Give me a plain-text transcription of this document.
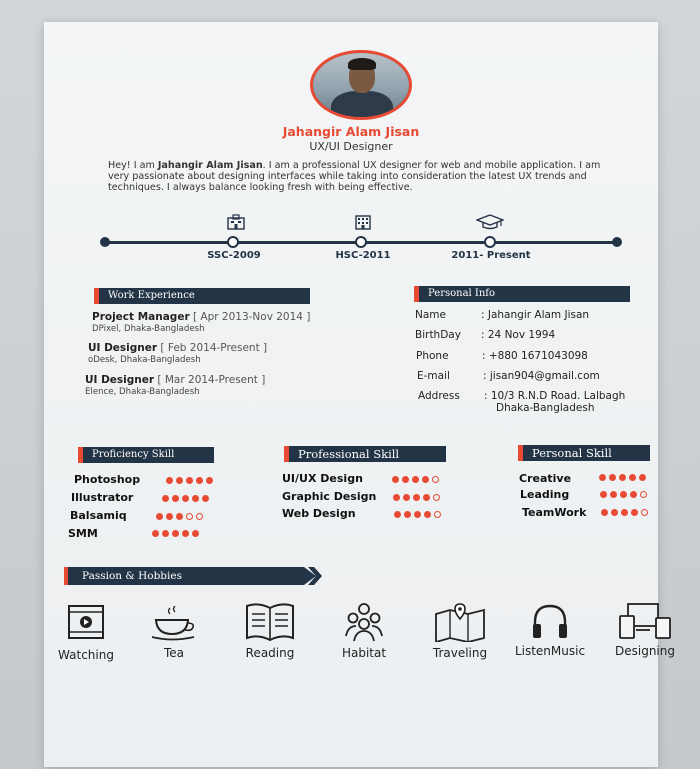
Jahangir Alam Jisan
UX/UI Designer
Hey! I am Jahangir Alam Jisan. I am a professional UX designer for web and mobile application. I am very passionate about designing interfaces while taking into consideration the latest UX trends and techniques. I always balance looking fresh with being effective.
SSC-2009	HSC-2011	2011- Present
Work Experience
Project Manager [ Apr 2013-Nov 2014 ]
DPixel, Dhaka-Bangladesh
UI Designer [ Feb 2014-Present ]
oDesk, Dhaka-Bangladesh
UI Designer [ Mar 2014-Present ]
Elence, Dhaka-Bangladesh
Personal Info
Name	: Jahangir Alam Jisan
BirthDay : 24 Nov 1994
Phone	: +880 1671043098
E-mail	: jisan904@gmail.com
Address : 10/3 R.N.D Road. Lalbagh
Dhaka-Bangladesh
Proficiency Skill
Photoshop
Illustrator
Balsamiq
SMM
Professional Skill
UI/UX Design
Graphic Design
Web Design
Personal Skill
Creative
Leading
TeamWork
Passion & Hobbies
Watching	Tea	Reading	Habitat	Traveling	ListenMusic	Designing
